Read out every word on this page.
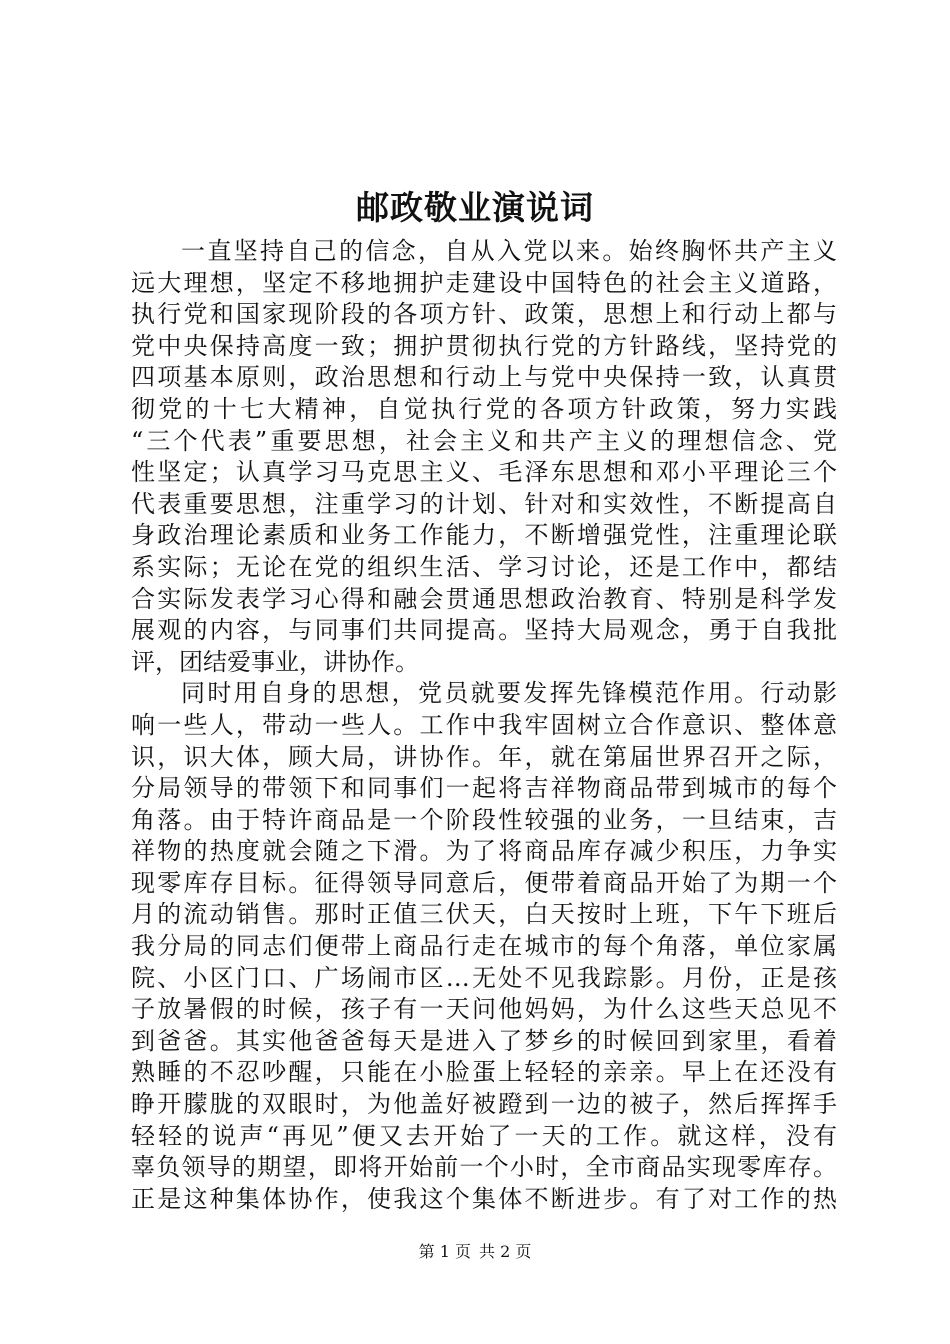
邮政敬业演说词
一直坚持自己的信念，自从入党以来。始终胸怀共产主义
远大理想，坚定不移地拥护走建设中国特色的社会主义道路，
执行党和国家现阶段的各项方针、政策，思想上和行动上都与
党中央保持高度一致；拥护贯彻执行党的方针路线，坚持党的
四项基本原则，政治思想和行动上与党中央保持一致，认真贯
彻党的十七大精神，自觉执行党的各项方针政策，努力实践
“三个代表”重要思想，社会主义和共产主义的理想信念、党
性坚定；认真学习马克思主义、毛泽东思想和邓小平理论三个
代表重要思想，注重学习的计划、针对和实效性，不断提高自
身政治理论素质和业务工作能力，不断增强党性，注重理论联
系实际；无论在党的组织生活、学习讨论，还是工作中，都结
合实际发表学习心得和融会贯通思想政治教育、特别是科学发
展观的内容，与同事们共同提高。坚持大局观念，勇于自我批
评，团结爱事业，讲协作。
同时用自身的思想，党员就要发挥先锋模范作用。行动影
响一些人，带动一些人。工作中我牢固树立合作意识、整体意
识，识大体，顾大局，讲协作。年，就在第届世界召开之际，
分局领导的带领下和同事们一起将吉祥物商品带到城市的每个
角落。由于特许商品是一个阶段性较强的业务，一旦结束，吉
祥物的热度就会随之下滑。为了将商品库存减少积压，力争实
现零库存目标。征得领导同意后，便带着商品开始了为期一个
月的流动销售。那时正值三伏天，白天按时上班，下午下班后
我分局的同志们便带上商品行走在城市的每个角落，单位家属
院、小区门口、广场闹市区…无处不见我踪影。月份，正是孩
子放暑假的时候，孩子有一天问他妈妈，为什么这些天总见不
到爸爸。其实他爸爸每天是进入了梦乡的时候回到家里，看着
熟睡的不忍吵醒，只能在小脸蛋上轻轻的亲亲。早上在还没有
睁开朦胧的双眼时，为他盖好被蹬到一边的被子，然后挥挥手
轻轻的说声“再见”便又去开始了一天的工作。就这样，没有
辜负领导的期望，即将开始前一个小时，全市商品实现零库存。
正是这种集体协作，使我这个集体不断进步。有了对工作的热
第 1 页 共 2 页
